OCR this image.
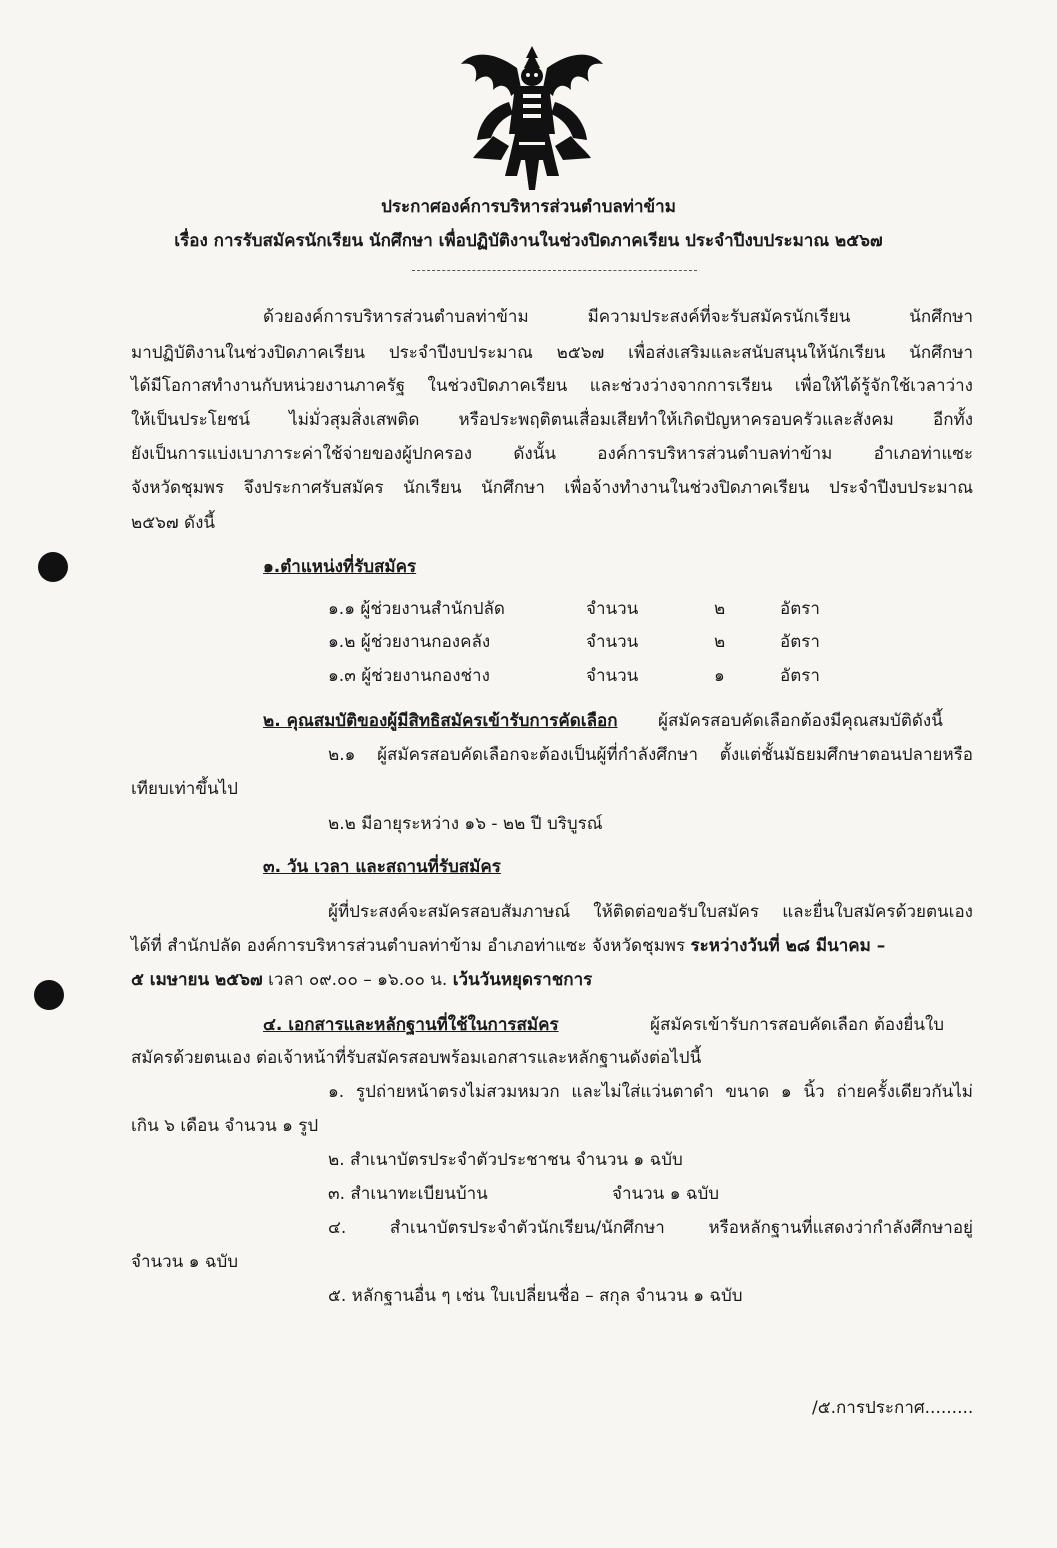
ประกาศองค์การบริหารส่วนตำบลท่าข้าม
เรื่อง การรับสมัครนักเรียน นักศึกษา เพื่อปฏิบัติงานในช่วงปิดภาคเรียน ประจำปีงบประมาณ ๒๕๖๗
ด้วยองค์การบริหารส่วนตำบลท่าข้าม มีความประสงค์ที่จะรับสมัครนักเรียน นักศึกษา
มาปฏิบัติงานในช่วงปิดภาคเรียน ประจำปีงบประมาณ ๒๕๖๗ เพื่อส่งเสริมและสนับสนุนให้นักเรียน นักศึกษา
ได้มีโอกาสทำงานกับหน่วยงานภาครัฐ ในช่วงปิดภาคเรียน และช่วงว่างจากการเรียน เพื่อให้ได้รู้จักใช้เวลาว่าง
ให้เป็นประโยชน์ ไม่มั่วสุมสิ่งเสพติด หรือประพฤติตนเสื่อมเสียทำให้เกิดปัญหาครอบครัวและสังคม อีกทั้ง
ยังเป็นการแบ่งเบาภาระค่าใช้จ่ายของผู้ปกครอง ดังนั้น องค์การบริหารส่วนตำบลท่าข้าม อำเภอท่าแซะ
จังหวัดชุมพร จึงประกาศรับสมัคร นักเรียน นักศึกษา เพื่อจ้างทำงานในช่วงปิดภาคเรียน ประจำปีงบประมาณ
๒๕๖๗ ดังนี้
๑.ตำแหน่งที่รับสมัคร
๑.๑ ผู้ช่วยงานสำนักปลัด	จำนวน	๒	อัตรา
๑.๒ ผู้ช่วยงานกองคลัง	จำนวน	๒	อัตรา
๑.๓ ผู้ช่วยงานกองช่าง	จำนวน	๑	อัตรา
๒. คุณสมบัติของผู้มีสิทธิสมัครเข้ารับการคัดเลือก ผู้สมัครสอบคัดเลือกต้องมีคุณสมบัติดังนี้
๒.๑ ผู้สมัครสอบคัดเลือกจะต้องเป็นผู้ที่กำลังศึกษา ตั้งแต่ชั้นมัธยมศึกษาตอนปลายหรือ
เทียบเท่าขึ้นไป
๒.๒ มีอายุระหว่าง ๑๖ - ๒๒ ปี บริบูรณ์
๓. วัน เวลา และสถานที่รับสมัคร
ผู้ที่ประสงค์จะสมัครสอบสัมภาษณ์ ให้ติดต่อขอรับใบสมัคร และยื่นใบสมัครด้วยตนเอง
ได้ที่ สำนักปลัด องค์การบริหารส่วนตำบลท่าข้าม อำเภอท่าแซะ จังหวัดชุมพร ระหว่างวันที่ ๒๘ มีนาคม –
๕ เมษายน ๒๕๖๗ เวลา ๐๙.๐๐ – ๑๖.๐๐ น. เว้นวันหยุดราชการ
๔. เอกสารและหลักฐานที่ใช้ในการสมัคร	ผู้สมัครเข้ารับการสอบคัดเลือก ต้องยื่นใบ
สมัครด้วยตนเอง ต่อเจ้าหน้าที่รับสมัครสอบพร้อมเอกสารและหลักฐานดังต่อไปนี้
๑. รูปถ่ายหน้าตรงไม่สวมหมวก และไม่ใส่แว่นตาดำ ขนาด ๑ นิ้ว ถ่ายครั้งเดียวกันไม่
เกิน ๖ เดือน จำนวน ๑ รูป
๒. สำเนาบัตรประจำตัวประชาชน จำนวน ๑ ฉบับ
๓. สำเนาทะเบียนบ้าน	จำนวน ๑ ฉบับ
๔. สำเนาบัตรประจำตัวนักเรียน/นักศึกษา หรือหลักฐานที่แสดงว่ากำลังศึกษาอยู่
จำนวน ๑ ฉบับ
๕. หลักฐานอื่น ๆ เช่น ใบเปลี่ยนชื่อ – สกุล จำนวน ๑ ฉบับ
/๕.การประกาศ.........
